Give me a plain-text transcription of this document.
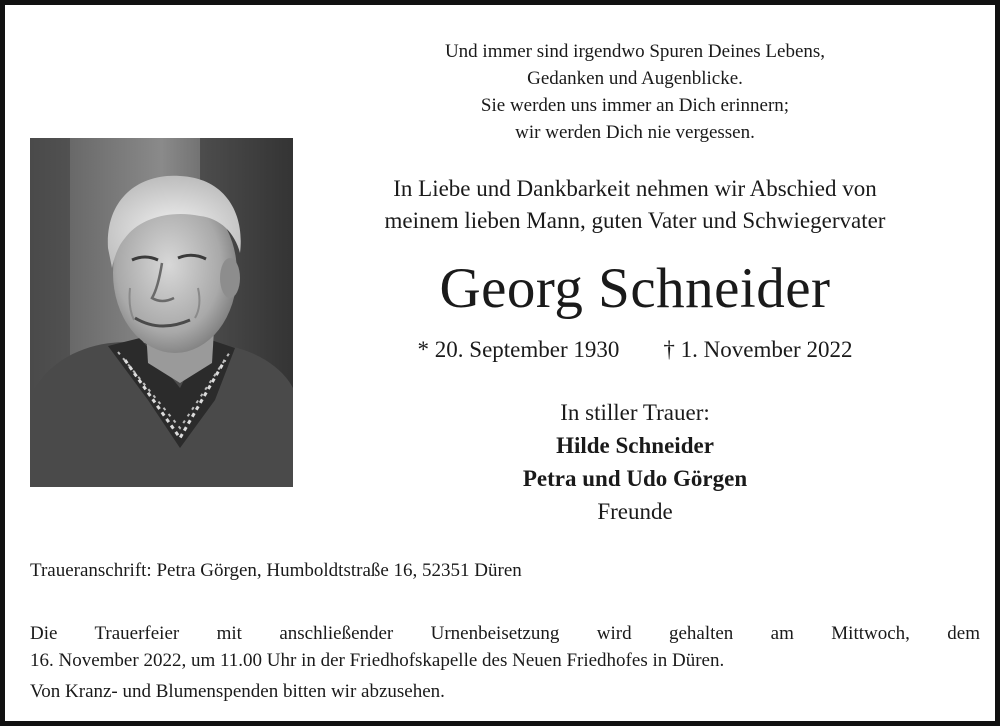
Und immer sind irgendwo Spuren Deines Lebens,
Gedanken und Augenblicke.
Sie werden uns immer an Dich erinnern;
wir werden Dich nie vergessen.
In Liebe und Dankbarkeit nehmen wir Abschied von
meinem lieben Mann, guten Vater und Schwiegervater
Georg Schneider
* 20. September 1930 † 1. November 2022
In stiller Trauer:
Hilde Schneider
Petra und Udo Görgen
Freunde
Traueranschrift: Petra Görgen, Humboldtstraße 16, 52351 Düren

Die Trauerfeier mit anschließender Urnenbeisetzung wird gehalten am Mittwoch, dem

16. November 2022, um 11.00 Uhr in der Friedhofskapelle des Neuen Friedhofes in Düren.

Von Kranz- und Blumenspenden bitten wir abzusehen.
